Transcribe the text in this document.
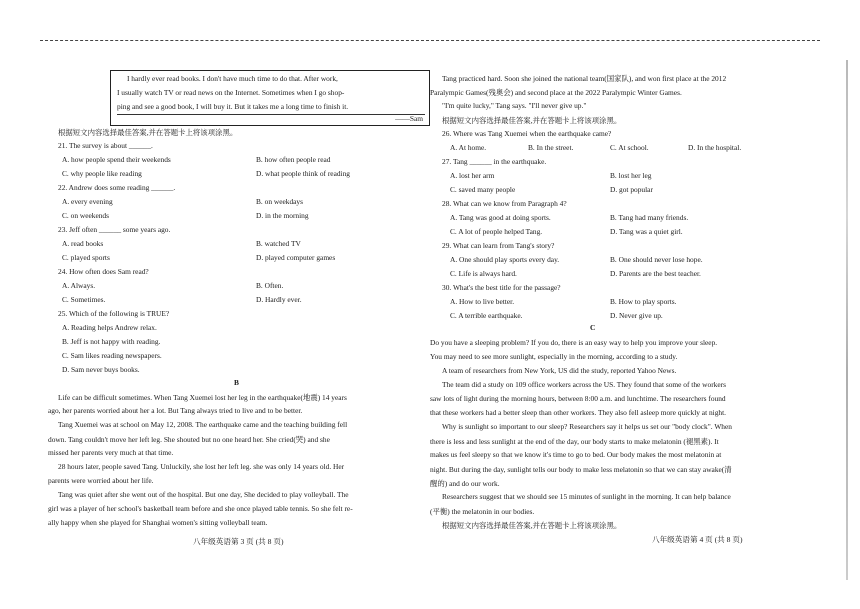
I hardly ever read books. I don't have much time to do that. After work,
I usually watch TV or read news on the Internet. Sometimes when I go shop-
ping and see a good book, I will buy it. But it takes me a long time to finish it.
——Sam
根据短文内容选择最佳答案,并在答题卡上将该项涂黑。
21. The survey is about ______.
A. how people spend their weekends	B. how often people read
C. why people like reading	D. what people think of reading
22. Andrew does some reading ______.
A. every evening	B. on weekdays
C. on weekends	D. in the morning
23. Jeff often ______ some years ago.
A. read books	B. watched TV
C. played sports	D. played computer games
24. How often does Sam read?
A. Always.	B. Often.
C. Sometimes.	D. Hardly ever.
25. Which of the following is TRUE?
A. Reading helps Andrew relax.
B. Jeff is not happy with reading.
C. Sam likes reading newspapers.
D. Sam never buys books.
B
Life can be difficult sometimes. When Tang Xuemei lost her leg in the earthquake(地震) 14 years
ago, her parents worried about her a lot. But Tang always tried to live and to be better.
Tang Xuemei was at school on May 12, 2008. The earthquake came and the teaching building fell
down. Tang couldn't move her left leg. She shouted but no one heard her. She cried(哭) and she
missed her parents very much at that time.
28 hours later, people saved Tang. Unluckily, she lost her left leg. she was only 14 years old. Her
parents were worried about her life.
Tang was quiet after she went out of the hospital. But one day, She decided to play volleyball. The
girl was a player of her school's basketball team before and she once played table tennis. So she felt re-
ally happy when she played for Shanghai women's sitting volleyball team.
八年级英语第 3 页 (共 8 页)
Tang practiced hard. Soon she joined the national team(国家队), and won first place at the 2012
Paralympic Games(残奥会) and second place at the 2022 Paralympic Winter Games.
"I'm quite lucky," Tang says. "I'll never give up."
根据短文内容选择最佳答案,并在答题卡上将该项涂黑。
26. Where was Tang Xuemei when the earthquake came?
A. At home.	B. In the street.	C. At school.	D. In the hospital.
27. Tang ______ in the earthquake.
A. lost her arm	B. lost her leg
C. saved many people	D. got popular
28. What can we know from Paragraph 4?
A. Tang was good at doing sports.	B. Tang had many friends.
C. A lot of people helped Tang.	D. Tang was a quiet girl.
29. What can learn from Tang's story?
A. One should play sports every day.	B. One should never lose hope.
C. Life is always hard.	D. Parents are the best teacher.
30. What's the best title for the passage?
A. How to live better.	B. How to play sports.
C. A terrible earthquake.	D. Never give up.
C
Do you have a sleeping problem? If you do, there is an easy way to help you improve your sleep.
You may need to see more sunlight, especially in the morning, according to a study.
A team of researchers from New York, US did the study, reported Yahoo News.
The team did a study on 109 office workers across the US. They found that some of the workers
saw lots of light during the morning hours, between 8:00 a.m. and lunchtime. The researchers found
that these workers had a better sleep than other workers. They also fell asleep more quickly at night.
Why is sunlight so important to our sleep? Researchers say it helps us set our "body clock". When
there is less and less sunlight at the end of the day, our body starts to make melatonin (褪黑素). It
makes us feel sleepy so that we know it's time to go to bed. Our body makes the most melatonin at
night. But during the day, sunlight tells our body to make less melatonin so that we can stay awake(清
醒的) and do our work.
Researchers suggest that we should see 15 minutes of sunlight in the morning. It can help balance
(平衡) the melatonin in our bodies.
根据短文内容选择最佳答案,并在答题卡上将该项涂黑。
八年级英语第 4 页 (共 8 页)
